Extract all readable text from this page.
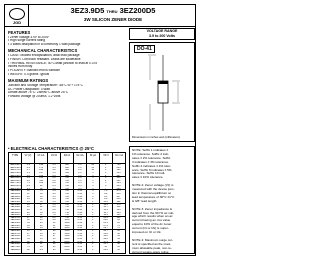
JGD
3EZ3.9D5 THRU 3EZ200D5
3W SILICON ZENER DIODE
FEATURES
• Zener voltage 3.9V to 200V
• High surge current rating
• 3 Watts dissipation in a commonly 1 watt package
MECHANICAL CHARACTERISTICS
• CASE: Molded encapsulation, axial lead package
• FINISH: Corrosion resistant. Leads are solderable
• THERMAL RESISTANCE: 40°C/Watt junction to lead at 0.375
inches from body
• POLARITY: Banded end is cathode
• WEIGHT: 0.4 grams Typical
MAXIMUM RATINGS
Junction and Storage Temperature: -65°C to + 175°C
DC Power Dissipation: 3 Watt
Derate above 75°C: 24mW/°C above 25°C
Forward Voltage @ 200mA: 1.2 Volts
VOLTAGE RANGE
3.9 to 200 Volts
DO-41
Dimensions in inches and (millimeters)
• ELECTRICAL CHARACTERISTICS @ 25°C
TYPE	Vz (V)	Izt mA	Zzt Ω	Zzk Ω	Izk mA	IR μA	VR V	Izm mA
3EZ3.9D5	3.9	192	4.5	400	1.0	80	1	700
3EZ4.3D5	4.3	174	4.5	400	1.0	30	1	636
3EZ4.7D5	4.7	160	4.0	500	1.0	10	1	581
3EZ5.1D5	5.1	147	3.5	550	1.0	5	1	535
3EZ5.6D5	5.6	134	2.5	600	1.0	5	2	487
3EZ6.2D5	6.2	121	2.0	700	1.0	5	3	440
3EZ6.8D5	6.8	110	2.0	700	1.0	5	4	401
3EZ7.5D5	7.5	100	2.0	700	0.5	5	5	364
3EZ8.2D5	8.2	91	2.5	700	0.5	5	6	333
3EZ9.1D5	9.1	82	3.0	700	0.5	5	7	300
3EZ10D5	10	75	3.5	700	0.25	5	7.6	273
3EZ11D5	11	68	4.0	700	0.25	5	8.4	248
3EZ12D5	12	63	4.5	700	0.25	5	9.1	227
3EZ13D5	13	58	4.5	700	0.25	1	9.9	210
3EZ15D5	15	50	5.5	700	0.25	1	11.4	182
3EZ16D5	16	47	5.5	700	0.25	1	12.2	170
3EZ18D5	18	42	6.0	750	0.25	1	13.7	152
3EZ20D5	20	37	6.0	750	0.25	1	15.2	136
3EZ22D5	22	34	6.5	750	0.25	1	16.7	124
3EZ24D5	24	31	7.0	750	0.25	1	18.2	114
3EZ27D5	27	28	8.0	750	0.25	1	20.6	101
3EZ30D5	30	25	9.0	1000	0.25	1	22.8	91
3EZ33D5	33	23	10	1000	0.25	1	25.1	83
3EZ36D5	36	21	11	1000	0.25	1	27.4	76
3EZ39D5	39	19	14	1000	0.25	1	29.7	70
3EZ43D5	43	17	20	1500	0.25	1	32.7	63
3EZ47D5	47	16	25	1500	0.25	1	35.8	58
3EZ51D5	51	15	27	1500	0.25	1	38.8	53
3EZ56D5	56	13	35	2000	0.25	1	42.6	49
3EZ62D5	62	12	42	2000	0.25	1	47.1	44
3EZ68D5	68	11	44	2000	0.25	1	51.7	40
3EZ75D5	75	10	45	2000	0.25	1	56	36
3EZ82D5	82	9.1	65	3000	0.25	1	62.2	33
NOTE: Suffix 1 indicates ±
1% tolerance. Suffix 2 indi-
cates ± 2% tolerance. Suffix
3 indicates ± 3% tolerance.
Suffix 4 indicates ± 4% toler-
ance. Suffix 5 indicates ± 5%
tolerance. Suffix 10 indi-
cates ± 10% tolerance.

NOTE 2: Zener voltage (Vz) is
measured with the device junc-
tion in thermal equilibrium at
lead temperature of 30°C ±1°C
& 3/8" lead length.

NOTE 3: Zener impedance is
derived from the 60 Hz ac volt-
age which results when an ac
current having an rms value
equal to 10% of the dc zener
current (Izt or Izk) is super-
imposed on Izt or Izk.

NOTE 4: Maximum surge cur-
rent is specified as the maxi-
mum allowable peak, non-re-
current square-wave pulse.
